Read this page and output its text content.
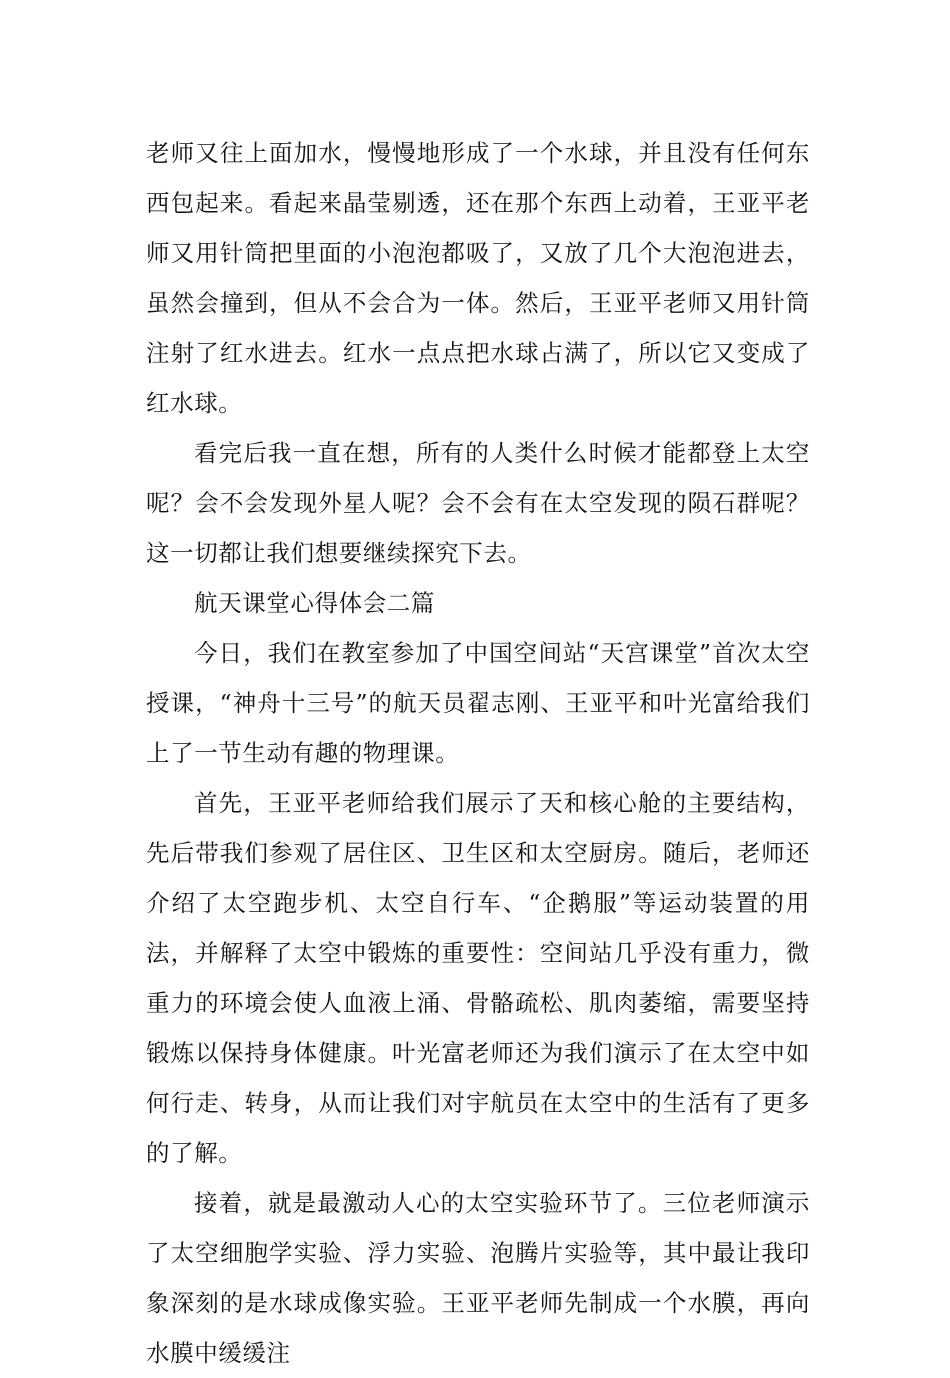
老师又往上面加水，慢慢地形成了一个水球，并且没有任何东西包起来。看起来晶莹剔透，还在那个东西上动着，王亚平老师又用针筒把里面的小泡泡都吸了，又放了几个大泡泡进去，虽然会撞到，但从不会合为一体。然后，王亚平老师又用针筒注射了红水进去。红水一点点把水球占满了，所以它又变成了红水球。

看完后我一直在想，所有的人类什么时候才能都登上太空呢？会不会发现外星人呢？会不会有在太空发现的陨石群呢？这一切都让我们想要继续探究下去。

航天课堂心得体会二篇

今日，我们在教室参加了中国空间站“天宫课堂”首次太空授课，“神舟十三号”的航天员翟志刚、王亚平和叶光富给我们上了一节生动有趣的物理课。

首先，王亚平老师给我们展示了天和核心舱的主要结构，先后带我们参观了居住区、卫生区和太空厨房。随后，老师还介绍了太空跑步机、太空自行车、“企鹅服”等运动装置的用法，并解释了太空中锻炼的重要性：空间站几乎没有重力，微重力的环境会使人血液上涌、骨骼疏松、肌肉萎缩，需要坚持锻炼以保持身体健康。叶光富老师还为我们演示了在太空中如何行走、转身，从而让我们对宇航员在太空中的生活有了更多的了解。

接着，就是最激动人心的太空实验环节了。三位老师演示了太空细胞学实验、浮力实验、泡腾片实验等，其中最让我印象深刻的是水球成像实验。王亚平老师先制成一个水膜，再向水膜中缓缓注
